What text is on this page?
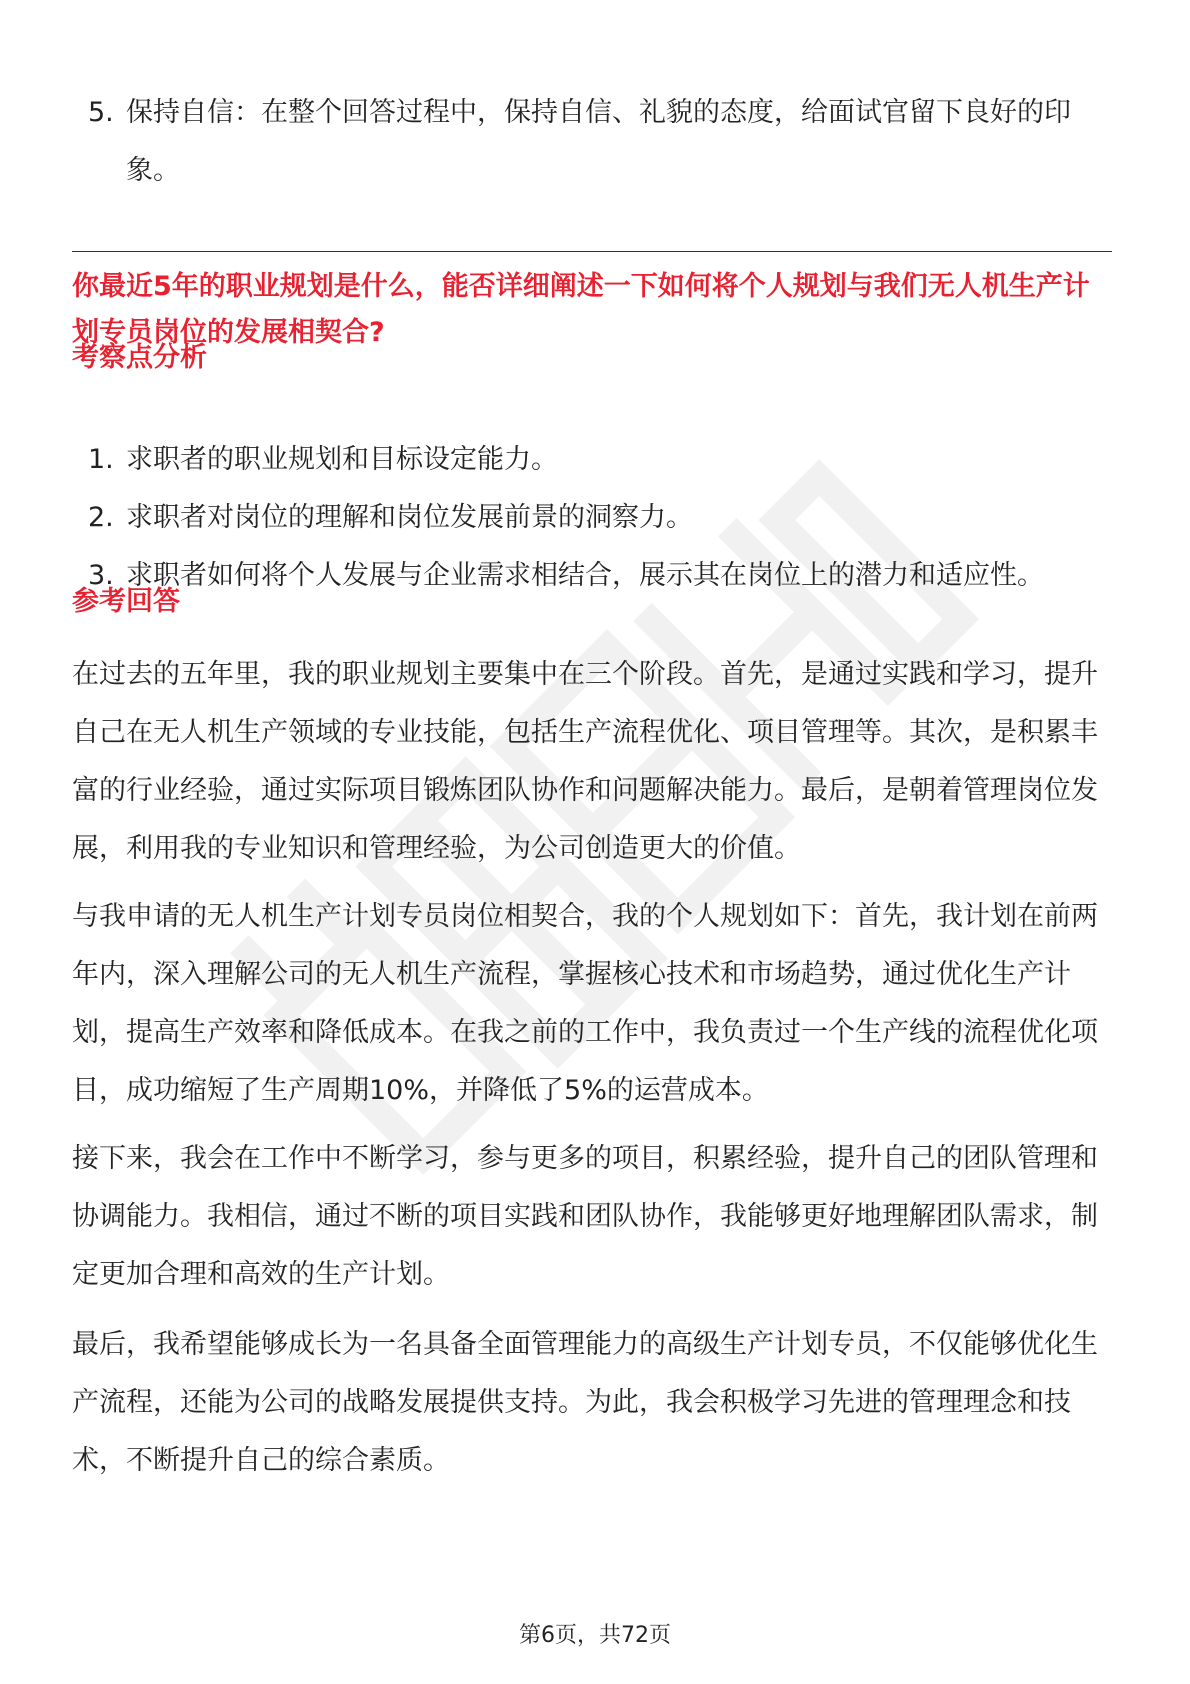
5. 保持自信：在整个回答过程中，保持自信、礼貌的态度，给面试官留下良好的印象。
你最近5年的职业规划是什么，能否详细阐述一下如何将个人规划与我们无人机生产计划专员岗位的发展相契合?
考察点分析
1. 求职者的职业规划和目标设定能力。
2. 求职者对岗位的理解和岗位发展前景的洞察力。
3. 求职者如何将个人发展与企业需求相结合，展示其在岗位上的潜力和适应性。
参考回答

在过去的五年里，我的职业规划主要集中在三个阶段。首先，是通过实践和学习，提升自己在无人机生产领域的专业技能，包括生产流程优化、项目管理等。其次，是积累丰富的行业经验，通过实际项目锻炼团队协作和问题解决能力。最后，是朝着管理岗位发展，利用我的专业知识和管理经验，为公司创造更大的价值。

与我申请的无人机生产计划专员岗位相契合，我的个人规划如下：首先，我计划在前两年内，深入理解公司的无人机生产流程，掌握核心技术和市场趋势，通过优化生产计划，提高生产效率和降低成本。在我之前的工作中，我负责过一个生产线的流程优化项目，成功缩短了生产周期10%，并降低了5%的运营成本。

接下来，我会在工作中不断学习，参与更多的项目，积累经验，提升自己的团队管理和协调能力。我相信，通过不断的项目实践和团队协作，我能够更好地理解团队需求，制定更加合理和高效的生产计划。

最后，我希望能够成长为一名具备全面管理能力的高级生产计划专员，不仅能够优化生产流程，还能为公司的战略发展提供支持。为此，我会积极学习先进的管理理念和技术，不断提升自己的综合素质。

第6页，共72页
